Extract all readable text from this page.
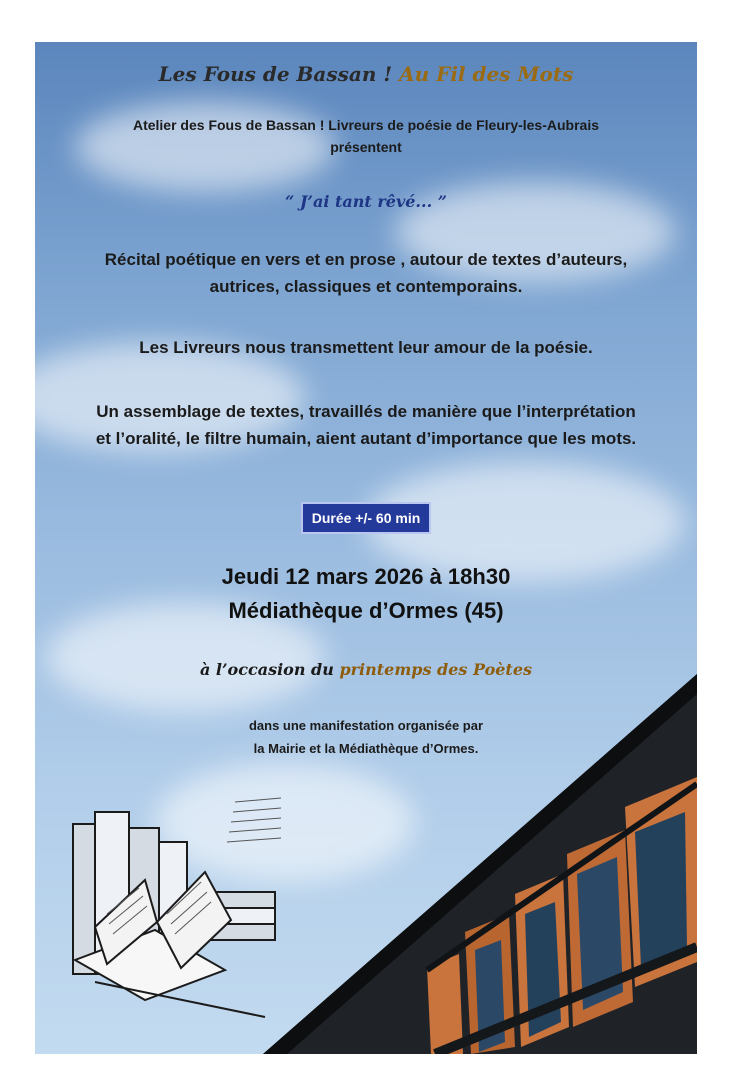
Les Fous de Bassan ! Au Fil des Mots
Atelier des Fous de Bassan ! Livreurs de poésie de Fleury-les-Aubrais
présentent
“ J’ai tant rêvé... ”
Récital poétique en vers et en prose , autour de textes d’auteurs,
autrices, classiques et contemporains.
Les Livreurs nous transmettent leur amour de la poésie.
Un assemblage de textes, travaillés de manière que l’interprétation
et l’oralité, le filtre humain, aient autant d’importance que les mots.
Durée +/- 60 min
Jeudi 12 mars 2026 à 18h30
Médiathèque d’Ormes (45)
à l’occasion du printemps des Poètes
dans une manifestation organisée par
la Mairie et la Médiathèque d’Ormes.
